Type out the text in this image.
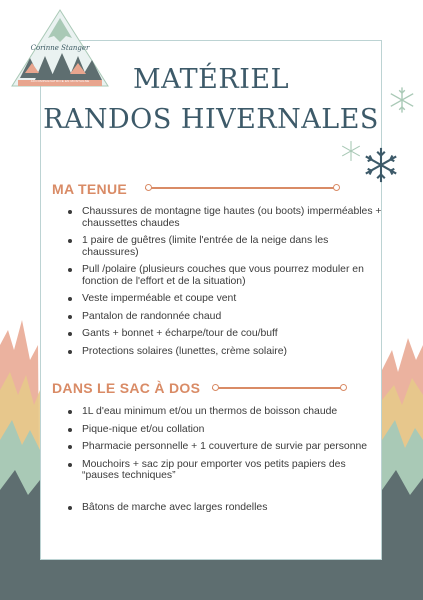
Corinne Stanger
ACCOMPAGNATRICE EN MONTAGNE	MATÉRIEL
RANDOS HIVERNALES
MA TENUE
Chaussures de montagne tige hautes (ou boots) imperméables + chaussettes chaudes
1 paire de guêtres (limite l'entrée de la neige dans les chaussures)
Pull /polaire (plusieurs couches que vous pourrez moduler en fonction de l'effort et de la situation)
Veste imperméable et coupe vent
Pantalon de randonnée chaud
Gants + bonnet + écharpe/tour de cou/buff
Protections solaires (lunettes, crème solaire)
DANS LE SAC À DOS
1L d'eau minimum et/ou un thermos de boisson chaude
Pique-nique et/ou collation
Pharmacie personnelle + 1 couverture de survie par personne
Mouchoirs + sac zip pour emporter vos petits papiers des “pauses techniques”
Bâtons de marche avec larges rondelles
